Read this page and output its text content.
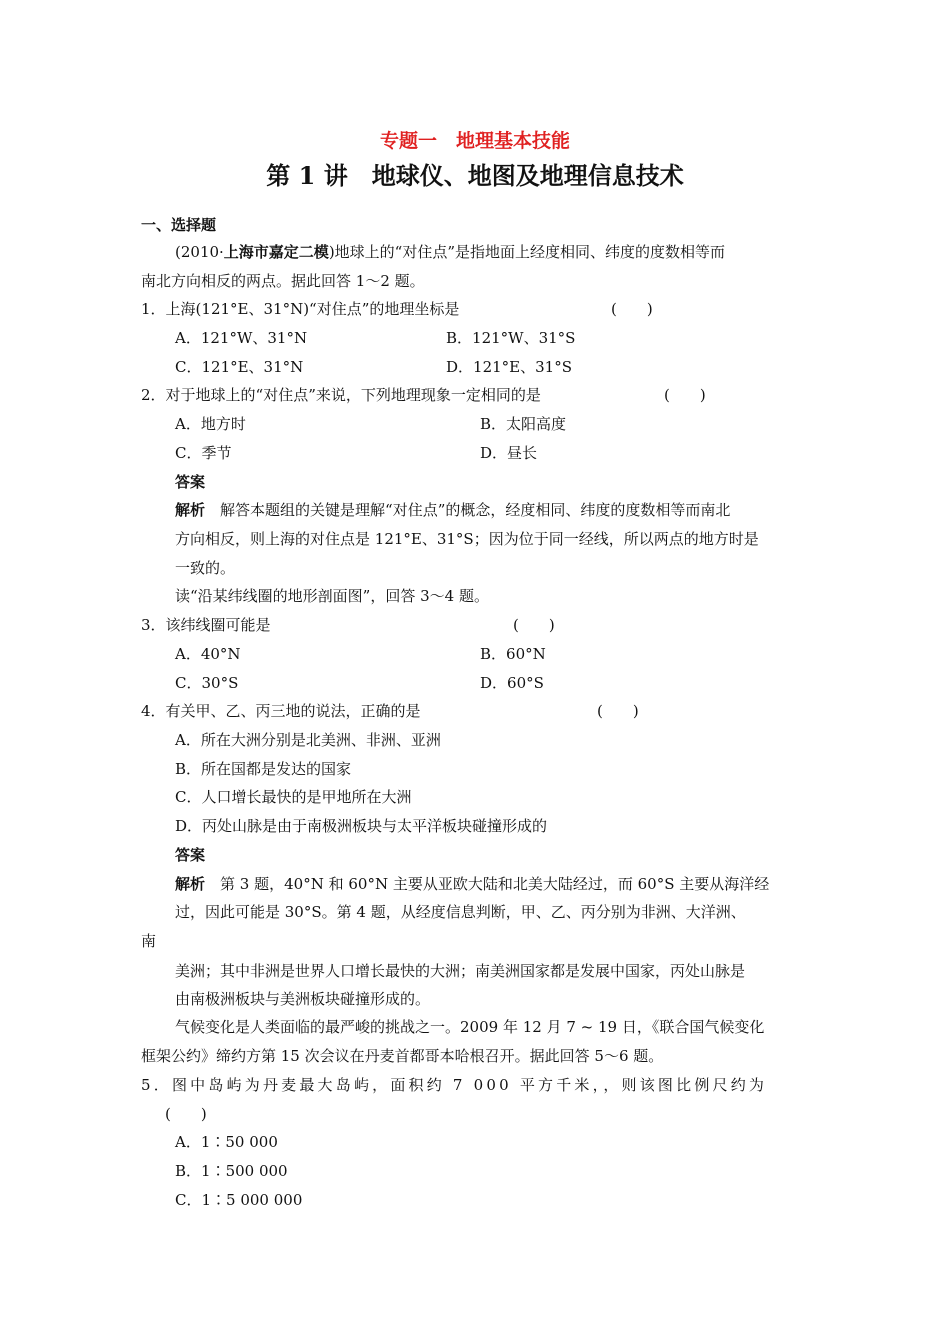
专题一　地理基本技能
第 1 讲　地球仪、地图及地理信息技术
一、选择题
(2010·上海市嘉定二模)地球上的“对住点”是指地面上经度相同、纬度的度数相等而
南北方向相反的两点。据此回答 1～2 题。
1．上海(121°E、31°N)“对住点”的地理坐标是	(　　)
A．121°W、31°N	B．121°W、31°S
C．121°E、31°N	D．121°E、31°S
2．对于地球上的“对住点”来说，下列地理现象一定相同的是	(　　)
A．地方时	B．太阳高度
C．季节	D．昼长
答案
解析　 解答本题组的关键是理解“对住点”的概念，经度相同、纬度的度数相等而南北
方向相反，则上海的对住点是 121°E、31°S；因为位于同一经线，所以两点的地方时是
一致的。
读“沿某纬线圈的地形剖面图”，回答 3～4 题。
3．该纬线圈可能是	(　　)
A．40°N	B．60°N
C．30°S	D．60°S
4．有关甲、乙、丙三地的说法，正确的是	(　　)
A．所在大洲分别是北美洲、非洲、亚洲
B．所在国都是发达的国家
C．人口增长最快的是甲地所在大洲
D．丙处山脉是由于南极洲板块与太平洋板块碰撞形成的
答案
解析　 第 3 题，40°N 和 60°N 主要从亚欧大陆和北美大陆经过，而 60°S 主要从海洋经
过，因此可能是 30°S。第 4 题，从经度信息判断，甲、乙、丙分别为非洲、大洋洲、
南
美洲；其中非洲是世界人口增长最快的大洲；南美洲国家都是发展中国家，丙处山脉是
由南极洲板块与美洲板块碰撞形成的。
气候变化是人类面临的最严峻的挑战之一。2009 年 12 月 7 ~ 19 日，《联合国气候变化
框架公约》缔约方第 15 次会议在丹麦首都哥本哈根召开。据此回答 5～6 题。
5．图中岛屿为丹麦最大岛屿，面积约 7 000 平方千米，，则该图比例尺约为
(　　)
A．1∶50 000
B．1∶500 000
C．1∶5 000 000
